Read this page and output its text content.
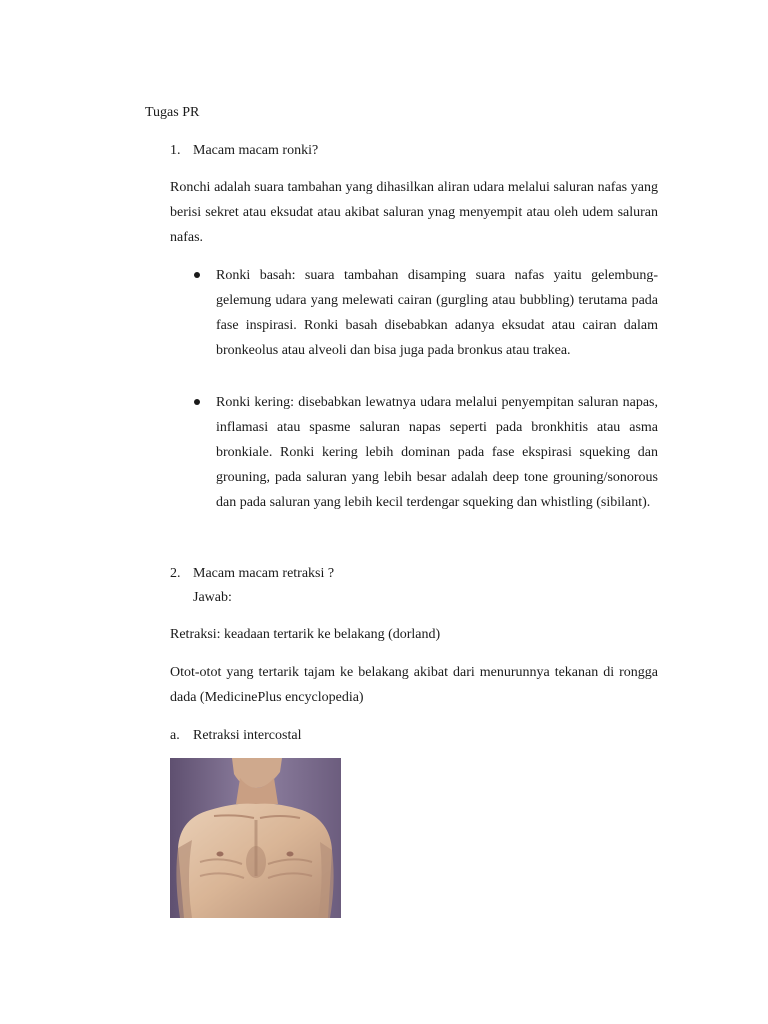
Tugas PR
1. Macam macam ronki?

Ronchi adalah suara tambahan yang dihasilkan aliran udara melalui saluran nafas yang berisi sekret atau eksudat atau akibat saluran ynag menyempit atau oleh udem saluran nafas.

Ronki basah: suara tambahan disamping suara nafas yaitu gelembung-gelemung udara yang melewati cairan (gurgling atau bubbling) terutama pada fase inspirasi. Ronki basah disebabkan adanya eksudat atau cairan dalam bronkeolus atau alveoli dan bisa juga pada bronkus atau trakea.

Ronki kering: disebabkan lewatnya udara melalui penyempitan saluran napas, inflamasi atau spasme saluran napas seperti pada bronkhitis atau asma bronkiale. Ronki kering lebih dominan pada fase ekspirasi squeking dan grouning, pada saluran yang lebih besar adalah deep tone grouning/sonorous dan pada saluran yang lebih kecil terdengar squeking dan whistling (sibilant).

2. Macam macam retraksi ?
Jawab:
Retraksi: keadaan tertarik ke belakang (dorland)

Otot-otot yang tertarik tajam ke belakang akibat dari menurunnya tekanan di rongga dada (MedicinePlus encyclopedia)

a. Retraksi intercostal
